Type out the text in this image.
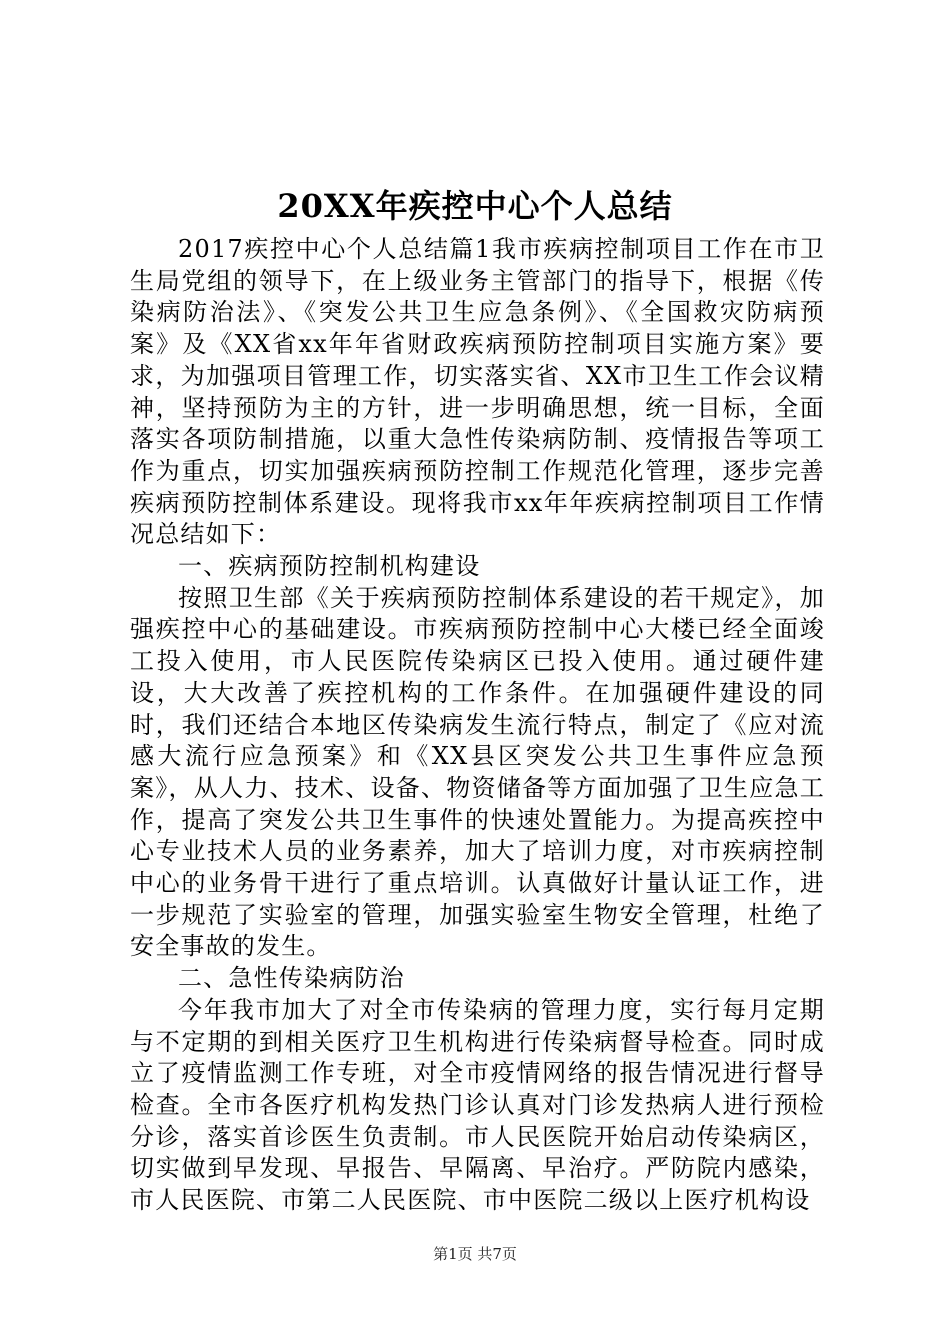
20XX年疾控中心个人总结

2017疾控中心个人总结篇1我市疾病控制项目工作在市卫生局党组的领导下，在上级业务主管部门的指导下，根据《传染病防治法》、《突发公共卫生应急条例》、《全国救灾防病预案》及《XX省xx年年省财政疾病预防控制项目实施方案》要求，为加强项目管理工作，切实落实省、XX市卫生工作会议精神，坚持预防为主的方针，进一步明确思想，统一目标，全面落实各项防制措施，以重大急性传染病防制、疫情报告等项工作为重点，切实加强疾病预防控制工作规范化管理，逐步完善疾病预防控制体系建设。现将我市xx年年疾病控制项目工作情况总结如下：

一、疾病预防控制机构建设

按照卫生部《关于疾病预防控制体系建设的若干规定》，加强疾控中心的基础建设。市疾病预防控制中心大楼已经全面竣工投入使用，市人民医院传染病区已投入使用。通过硬件建设，大大改善了疾控机构的工作条件。在加强硬件建设的同时，我们还结合本地区传染病发生流行特点，制定了《应对流感大流行应急预案》和《XX县区突发公共卫生事件应急预案》，从人力、技术、设备、物资储备等方面加强了卫生应急工作，提高了突发公共卫生事件的快速处置能力。为提高疾控中心专业技术人员的业务素养，加大了培训力度，对市疾病控制中心的业务骨干进行了重点培训。认真做好计量认证工作，进一步规范了实验室的管理，加强实验室生物安全管理，杜绝了安全事故的发生。

二、急性传染病防治

今年我市加大了对全市传染病的管理力度，实行每月定期与不定期的到相关医疗卫生机构进行传染病督导检查。同时成立了疫情监测工作专班，对全市疫情网络的报告情况进行督导检查。全市各医疗机构发热门诊认真对门诊发热病人进行预检分诊，落实首诊医生负责制。市人民医院开始启动传染病区，切实做到早发现、早报告、早隔离、早治疗。严防院内感染，市人民医院、市第二人民医院、市中医院二级以上医疗机构设

第1页 共7页
